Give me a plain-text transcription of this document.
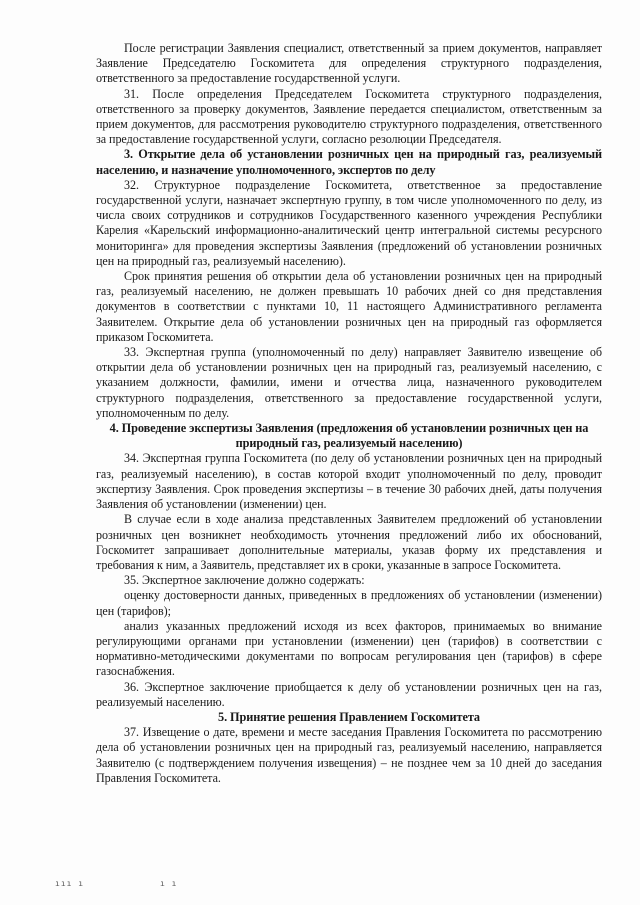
После регистрации Заявления специалист, ответственный за прием документов, направляет Заявление Председателю Госкомитета для определения структурного подразделения, ответственного за предоставление государственной услуги.

31. После определения Председателем Госкомитета структурного подразделения, ответственного за проверку документов, Заявление передается специалистом, ответственным за прием документов, для рассмотрения руководителю структурного подразделения, ответственного за предоставление государственной услуги, согласно резолюции Председателя.

3. Открытие дела об установлении розничных цен на природный газ, реализуемый населению, и назначение уполномоченного, экспертов по делу

32. Структурное подразделение Госкомитета, ответственное за предоставление государственной услуги, назначает экспертную группу, в том числе уполномоченного по делу, из числа своих сотрудников и сотрудников Государственного казенного учреждения Республики Карелия «Карельский информационно-аналитический центр интегральной системы ресурсного мониторинга» для проведения экспертизы Заявления (предложений об установлении розничных цен на природный газ, реализуемый населению).

Срок принятия решения об открытии дела об установлении розничных цен на природный газ, реализуемый населению, не должен превышать 10 рабочих дней со дня представления документов в соответствии с пунктами 10, 11 настоящего Административного регламента Заявителем. Открытие дела об установлении розничных цен на природный газ оформляется приказом Госкомитета.

33. Экспертная группа (уполномоченный по делу) направляет Заявителю извещение об открытии дела об установлении розничных цен на природный газ, реализуемый населению, с указанием должности, фамилии, имени и отчества лица, назначенного руководителем структурного подразделения, ответственного за предоставление государственной услуги, уполномоченным по делу.

4. Проведение экспертизы Заявления (предложения об установлении розничных цен на природный газ, реализуемый населению)

34. Экспертная группа Госкомитета (по делу об установлении розничных цен на природный газ, реализуемый населению), в состав которой входит уполномоченный по делу, проводит экспертизу Заявления. Срок проведения экспертизы – в течение 30 рабочих дней, даты получения Заявления об установлении (изменении) цен.

В случае если в ходе анализа представленных Заявителем предложений об установлении розничных цен возникнет необходимость уточнения предложений либо их обоснований, Госкомитет запрашивает дополнительные материалы, указав форму их представления и требования к ним, а Заявитель, представляет их в сроки, указанные в запросе Госкомитета.

35. Экспертное заключение должно содержать:

оценку достоверности данных, приведенных в предложениях об установлении (изменении) цен (тарифов);

анализ указанных предложений исходя из всех факторов, принимаемых во внимание регулирующими органами при установлении (изменении) цен (тарифов) в соответствии с нормативно-методическими документами по вопросам регулирования цен (тарифов) в сфере газоснабжения.

36. Экспертное заключение приобщается к делу об установлении розничных цен на газ, реализуемый населению.

5. Принятие решения Правлением Госкомитета

37. Извещение о дате, времени и месте заседания Правления Госкомитета по рассмотрению дела об установлении розничных цен на природный газ, реализуемый населению, направляется Заявителю (с подтверждением получения извещения) – не позднее чем за 10 дней до заседания Правления Госкомитета.

ııı ı	ı ı
